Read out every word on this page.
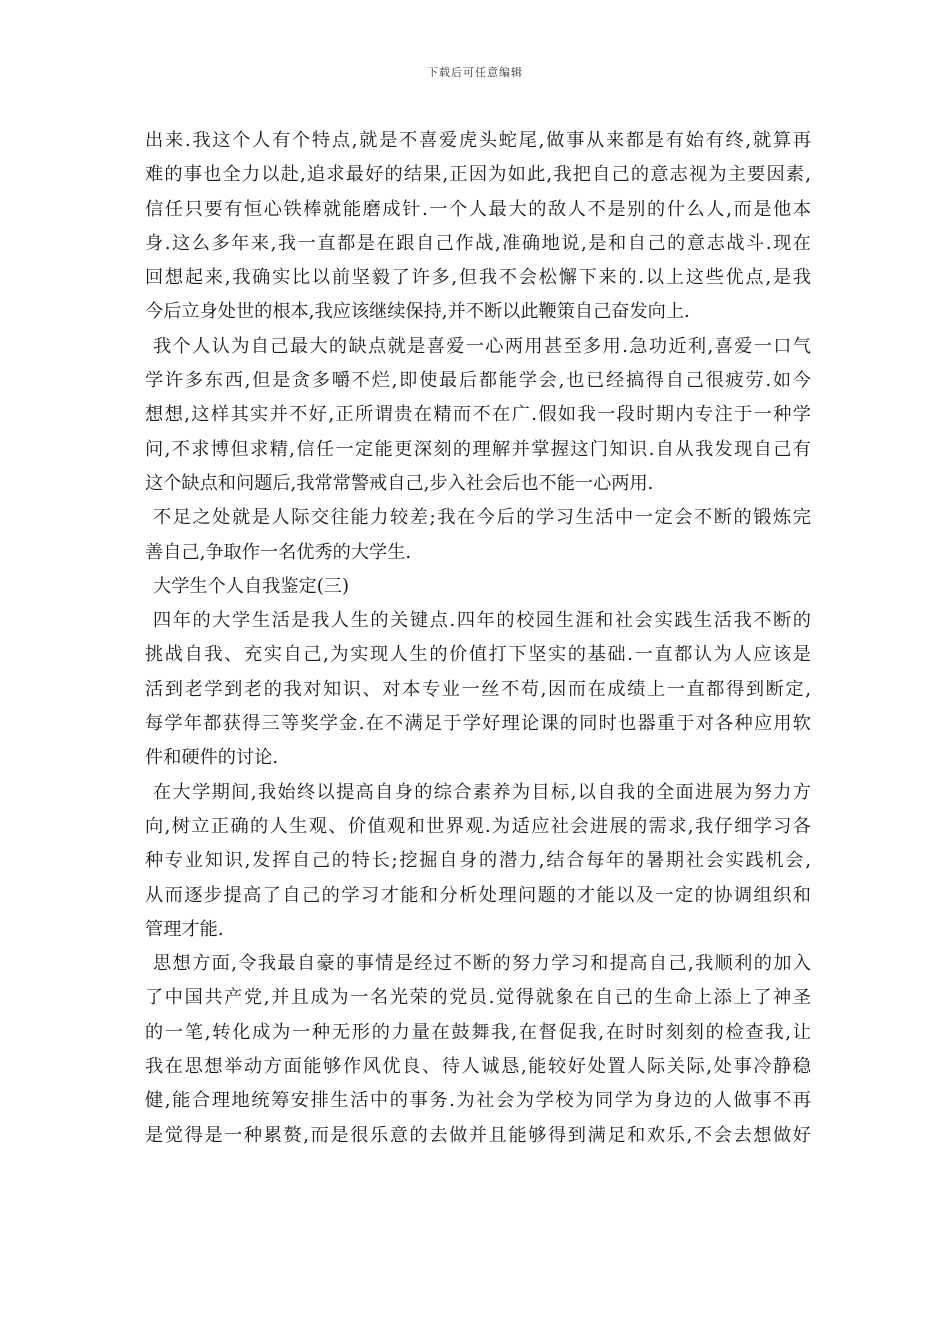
下载后可任意编辑
出来.我这个人有个特点,就是不喜爱虎头蛇尾,做事从来都是有始有终,就算再
难的事也全力以赴,追求最好的结果,正因为如此,我把自己的意志视为主要因素,
信任只要有恒心铁棒就能磨成针.一个人最大的敌人不是别的什么人,而是他本
身.这么多年来,我一直都是在跟自己作战,准确地说,是和自己的意志战斗.现在
回想起来,我确实比以前坚毅了许多,但我不会松懈下来的.以上这些优点,是我
今后立身处世的根本,我应该继续保持,并不断以此鞭策自己奋发向上.
我个人认为自己最大的缺点就是喜爱一心两用甚至多用.急功近利,喜爱一口气
学许多东西,但是贪多嚼不烂,即使最后都能学会,也已经搞得自己很疲劳.如今
想想,这样其实并不好,正所谓贵在精而不在广.假如我一段时期内专注于一种学
问,不求博但求精,信任一定能更深刻的理解并掌握这门知识.自从我发现自己有
这个缺点和问题后,我常常警戒自己,步入社会后也不能一心两用.
不足之处就是人际交往能力较差;我在今后的学习生活中一定会不断的锻炼完
善自己,争取作一名优秀的大学生.
大学生个人自我鉴定(三)
四年的大学生活是我人生的关键点.四年的校园生涯和社会实践生活我不断的
挑战自我、充实自己,为实现人生的价值打下坚实的基础.一直都认为人应该是
活到老学到老的我对知识、对本专业一丝不苟,因而在成绩上一直都得到断定,
每学年都获得三等奖学金.在不满足于学好理论课的同时也器重于对各种应用软
件和硬件的讨论.
在大学期间,我始终以提高自身的综合素养为目标,以自我的全面进展为努力方
向,树立正确的人生观、价值观和世界观.为适应社会进展的需求,我仔细学习各
种专业知识,发挥自己的特长;挖掘自身的潜力,结合每年的暑期社会实践机会,
从而逐步提高了自己的学习才能和分析处理问题的才能以及一定的协调组织和
管理才能.
思想方面,令我最自豪的事情是经过不断的努力学习和提高自己,我顺利的加入
了中国共产党,并且成为一名光荣的党员.觉得就象在自己的生命上添上了神圣
的一笔,转化成为一种无形的力量在鼓舞我,在督促我,在时时刻刻的检查我,让
我在思想举动方面能够作风优良、待人诚恳,能较好处置人际关际,处事冷静稳
健,能合理地统筹安排生活中的事务.为社会为学校为同学为身边的人做事不再
是觉得是一种累赘,而是很乐意的去做并且能够得到满足和欢乐,不会去想做好
